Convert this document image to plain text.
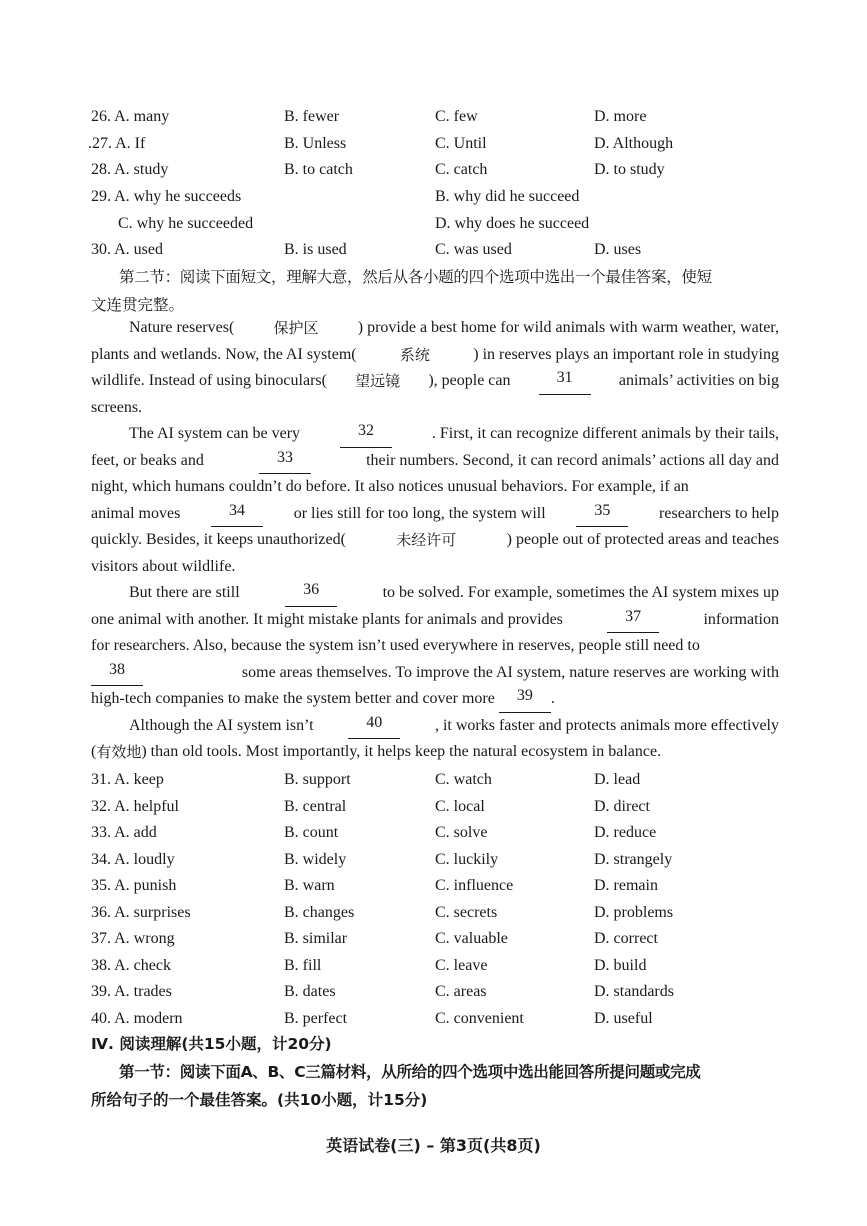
26. A. many	B. fewer	C. few	D. more
.27. A. If	B. Unless	C. Until	D. Although
28. A. study	B. to catch	C. catch	D. to study
29. A. why he succeeds	B. why did he succeed
C. why he succeeded	D. why does he succeed
30. A. used	B. is used	C. was used	D. uses
第二节：阅读下面短文，理解大意，然后从各小题的四个选项中选出一个最佳答案，使短
文连贯完整。
Nature reserves(	保护区 ) provide a best home for wild animals with warm weather, water,
plants and wetlands. Now, the AI system(	系统	) in reserves plays an important role in studying
wildlife. Instead of using binoculars( 望远镜 ), people can	31	animals’ activities on big
screens.
The AI system can be very	32	. First, it can recognize different animals by their tails,
feet, or beaks and	33	their numbers. Second, it can record animals’ actions all day and
night, which humans couldn’t do before. It also notices unusual behaviors. For example, if an
animal moves	34	or lies still for too long, the system will	35	researchers to help
quickly. Besides, it keeps unauthorized(	未经许可	) people out of protected areas and teaches
visitors about wildlife.
But there are still	36	to be solved. For example, sometimes the AI system mixes up
one animal with another. It might mistake plants for animals and provides	37	information
for researchers. Also, because the system isn’t used everywhere in reserves, people still need to
38	some areas themselves. To improve the AI system, nature reserves are working with
high-tech companies to make the system better and cover more
	39	.
Although the AI system isn’t	40	, it works faster and protects animals more effectively
( 有效地 ) than old tools. Most importantly, it helps keep the natural ecosystem in balance.
31. A. keep	B. support	C. watch	D. lead
32. A. helpful	B. central	C. local	D. direct
33. A. add	B. count	C. solve	D. reduce
34. A. loudly	B. widely	C. luckily	D. strangely
35. A. punish	B. warn	C. influence	D. remain
36. A. surprises	B. changes	C. secrets	D. problems
37. A. wrong	B. similar	C. valuable	D. correct
38. A. check	B. fill	C. leave	D. build
39. A. trades	B. dates	C. areas	D. standards
40. A. modern	B. perfect	C. convenient	D. useful
Ⅳ. 阅读理解(共15小题，计20分)
第一节：阅读下面A、B、C三篇材料，从所给的四个选项中选出能回答所提问题或完成
所给句子的一个最佳答案。(共10小题，计15分)
英语试卷(三) – 第3页(共8页)
